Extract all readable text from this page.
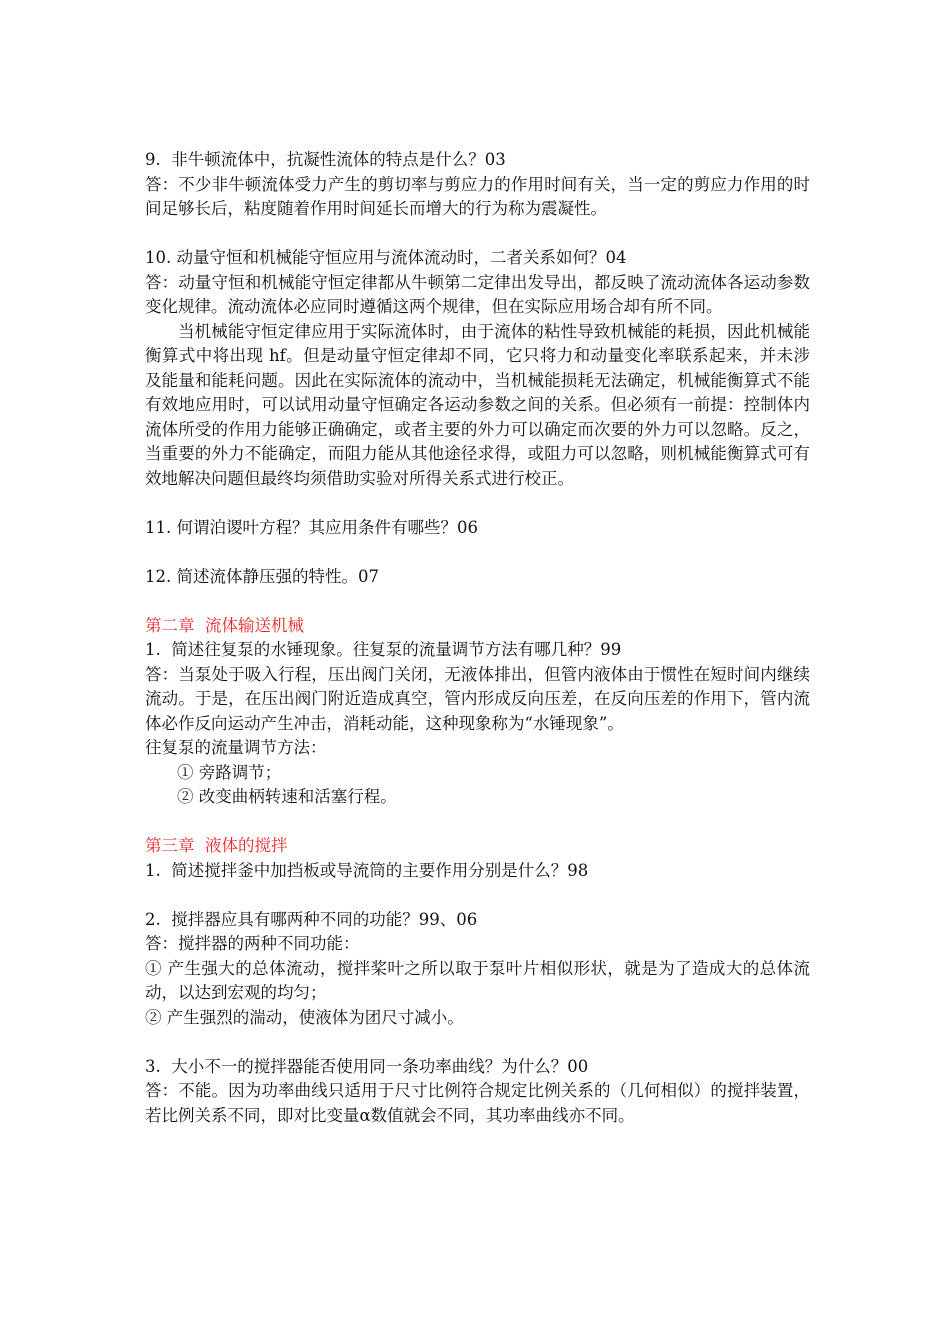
9.  非牛顿流体中，抗凝性流体的特点是什么？03
答：不少非牛顿流体受力产生的剪切率与剪应力的作用时间有关，当一定的剪应力作用的时间足够长后，粘度随着作用时间延长而增大的行为称为震凝性。
10. 动量守恒和机械能守恒应用与流体流动时，二者关系如何？04
答：动量守恒和机械能守恒定律都从牛顿第二定律出发导出，都反映了流动流体各运动参数变化规律。流动流体必应同时遵循这两个规律，但在实际应用场合却有所不同。
当机械能守恒定律应用于实际流体时，由于流体的粘性导致机械能的耗损，因此机械能衡算式中将出现 hf。但是动量守恒定律却不同，它只将力和动量变化率联系起来，并未涉及能量和能耗问题。因此在实际流体的流动中，当机械能损耗无法确定，机械能衡算式不能有效地应用时，可以试用动量守恒确定各运动参数之间的关系。但必须有一前提：控制体内流体所受的作用力能够正确确定，或者主要的外力可以确定而次要的外力可以忽略。反之，当重要的外力不能确定，而阻力能从其他途径求得，或阻力可以忽略，则机械能衡算式可有效地解决问题但最终均须借助实验对所得关系式进行校正。
11. 何谓泊谡叶方程？其应用条件有哪些？06
12. 简述流体静压强的特性。07
第二章  流体输送机械
1.  简述往复泵的水锤现象。往复泵的流量调节方法有哪几种？99
答：当泵处于吸入行程，压出阀门关闭，无液体排出，但管内液体由于惯性在短时间内继续    流动。于是，在压出阀门附近造成真空，管内形成反向压差，在反向压差的作用下，管内流体必作反向运动产生冲击，消耗动能，这种现象称为“水锤现象”。
往复泵的流量调节方法：
① 旁路调节；
② 改变曲柄转速和活塞行程。
第三章  液体的搅拌
1.  简述搅拌釜中加挡板或导流筒的主要作用分别是什么？98
2.  搅拌器应具有哪两种不同的功能？99、06
答：搅拌器的两种不同功能：
① 产生强大的总体流动，搅拌桨叶之所以取于泵叶片相似形状，就是为了造成大的总体流动，以达到宏观的均匀；
② 产生强烈的湍动，使液体为团尺寸减小。
3.  大小不一的搅拌器能否使用同一条功率曲线？为什么？00
答：不能。因为功率曲线只适用于尺寸比例符合规定比例关系的（几何相似）的搅拌装置，若比例关系不同，即对比变量α数值就会不同，其功率曲线亦不同。
